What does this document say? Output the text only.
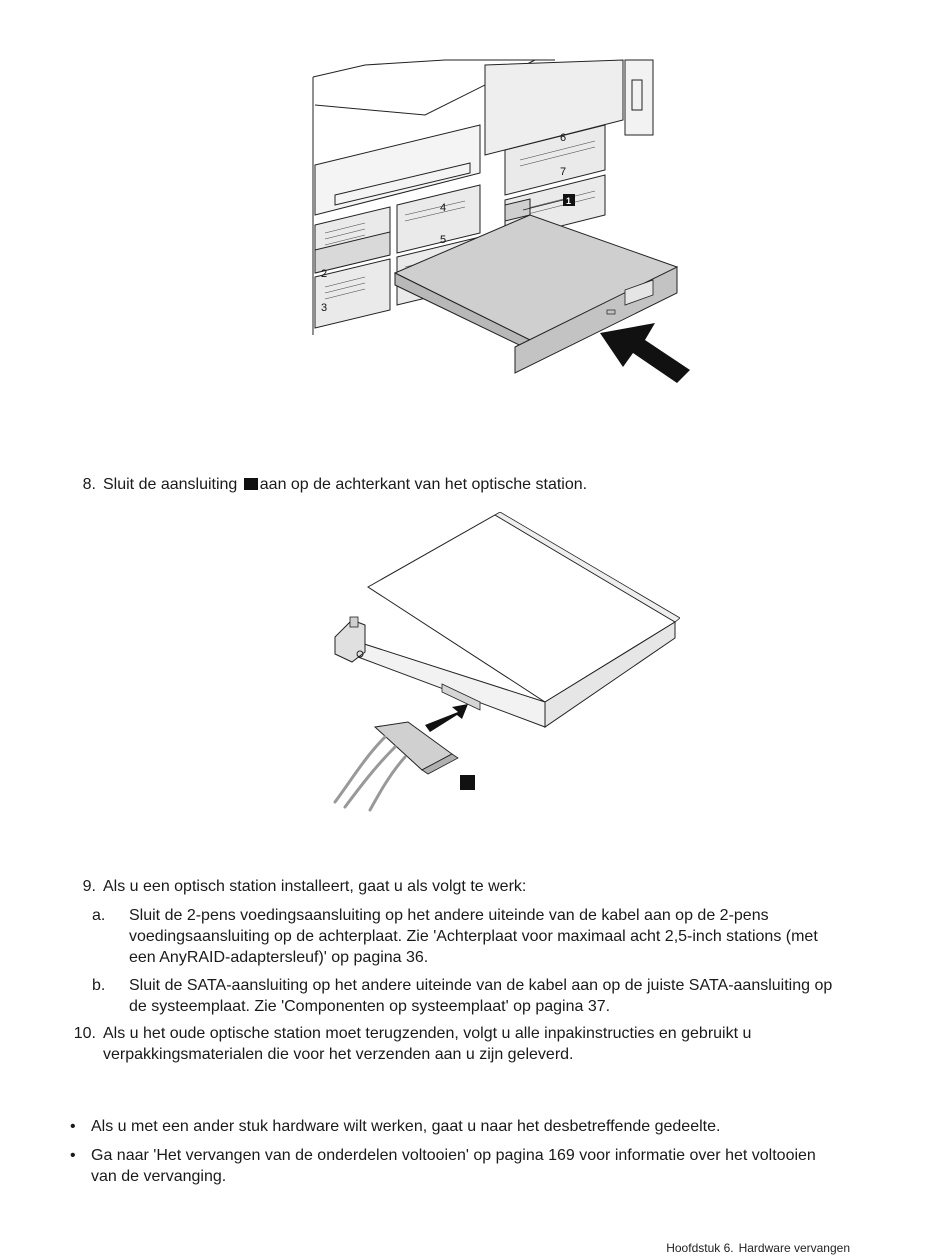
2
3
4
5
6
7
1
8. Sluit de aansluiting aan op de achterkant van het optische station.
9. Als u een optisch station installeert, gaat u als volgt te werk:
a.	Sluit de 2-pens voedingsaansluiting op het andere uiteinde van de kabel aan op de 2-pens
voedingsaansluiting op de achterplaat. Zie 'Achterplaat voor maximaal acht 2,5-inch stations (met
een AnyRAID-adaptersleuf)' op pagina 36.
b.	Sluit de SATA-aansluiting op het andere uiteinde van de kabel aan op de juiste SATA-aansluiting op
de systeemplaat. Zie 'Componenten op systeemplaat' op pagina 37.
10. Als u het oude optische station moet terugzenden, volgt u alle inpakinstructies en gebruikt u
verpakkingsmaterialen die voor het verzenden aan u zijn geleverd.
• Als u met een ander stuk hardware wilt werken, gaat u naar het desbetreffende gedeelte.
• Ga naar 'Het vervangen van de onderdelen voltooien' op pagina 169 voor informatie over het voltooien
van de vervanging.
Hoofdstuk 6. Hardware vervangen
